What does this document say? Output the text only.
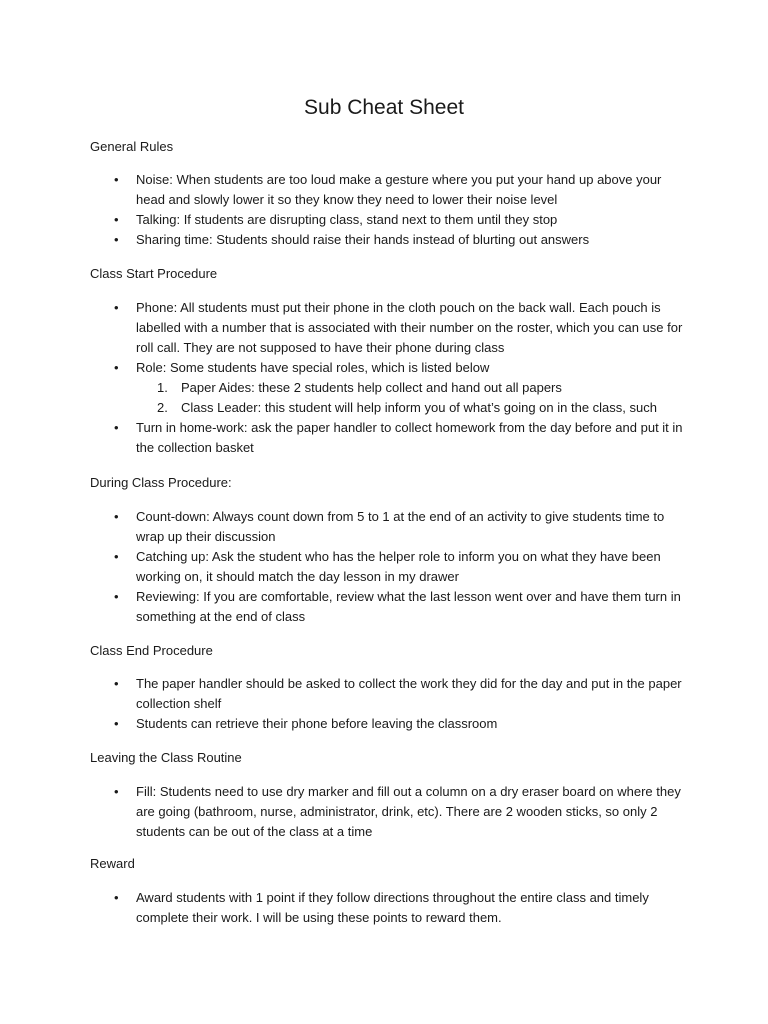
Sub Cheat Sheet
General Rules
• Noise: When students are too loud make a gesture where you put your hand up above your head and slowly lower it so they know they need to lower their noise level
• Talking: If students are disrupting class, stand next to them until they stop
• Sharing time: Students should raise their hands instead of blurting out answers
Class Start Procedure
• Phone: All students must put their phone in the cloth pouch on the back wall. Each pouch is labelled with a number that is associated with their number on the roster, which you can use for roll call. They are not supposed to have their phone during class
• Role: Some students have special roles, which is listed below
1. Paper Aides: these 2 students help collect and hand out all papers
2. Class Leader: this student will help inform you of what’s going on in the class, such
• Turn in home-work: ask the paper handler to collect homework from the day before and put it in the collection basket
During Class Procedure:
• Count-down: Always count down from 5 to 1 at the end of an activity to give students time to wrap up their discussion
• Catching up: Ask the student who has the helper role to inform you on what they have been working on, it should match the day lesson in my drawer
• Reviewing: If you are comfortable, review what the last lesson went over and have them turn in something at the end of class
Class End Procedure
• The paper handler should be asked to collect the work they did for the day and put in the paper collection shelf
• Students can retrieve their phone before leaving the classroom
Leaving the Class Routine
• Fill: Students need to use dry marker and fill out a column on a dry eraser board on where they are going (bathroom, nurse, administrator, drink, etc). There are 2 wooden sticks, so only 2 students can be out of the class at a time
Reward
• Award students with 1 point if they follow directions throughout the entire class and timely complete their work. I will be using these points to reward them.
